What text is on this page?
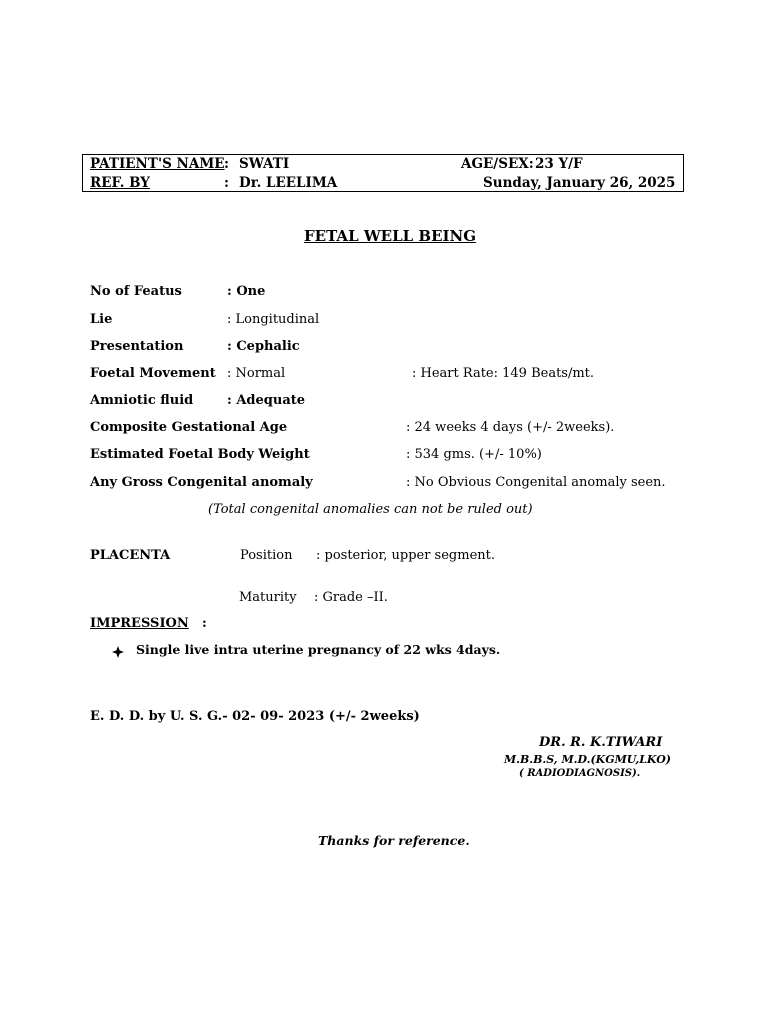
PATIENT'S NAME : SWATI	AGE/SEX: 23 Y/F
REF. BY	: Dr. LEELIMA	Sunday, January 26, 2025
FETAL WELL BEING
No of Featus	: One
Lie	: Longitudinal
Presentation	: Cephalic
Foetal Movement : Normal	: Heart Rate: 149 Beats/mt.
Amniotic fluid	: Adequate
Composite Gestational Age	: 24 weeks 4 days (+/- 2weeks).
Estimated Foetal Body Weight	: 534 gms. (+/- 10%)
Any Gross Congenital anomaly	: No Obvious Congenital anomaly seen.
(Total congenital anomalies can not be ruled out)
PLACENTA	Position : posterior, upper segment.
Maturity : Grade –II.
IMPRESSION :
Single live intra uterine pregnancy of 22 wks 4days.
E. D. D. by U. S. G.- 02- 09- 2023 (+/- 2weeks)
DR. R. K.TIWARI
M.B.B.S, M.D.(KGMU,LKO)
( RADIODIAGNOSIS).
Thanks for reference.
